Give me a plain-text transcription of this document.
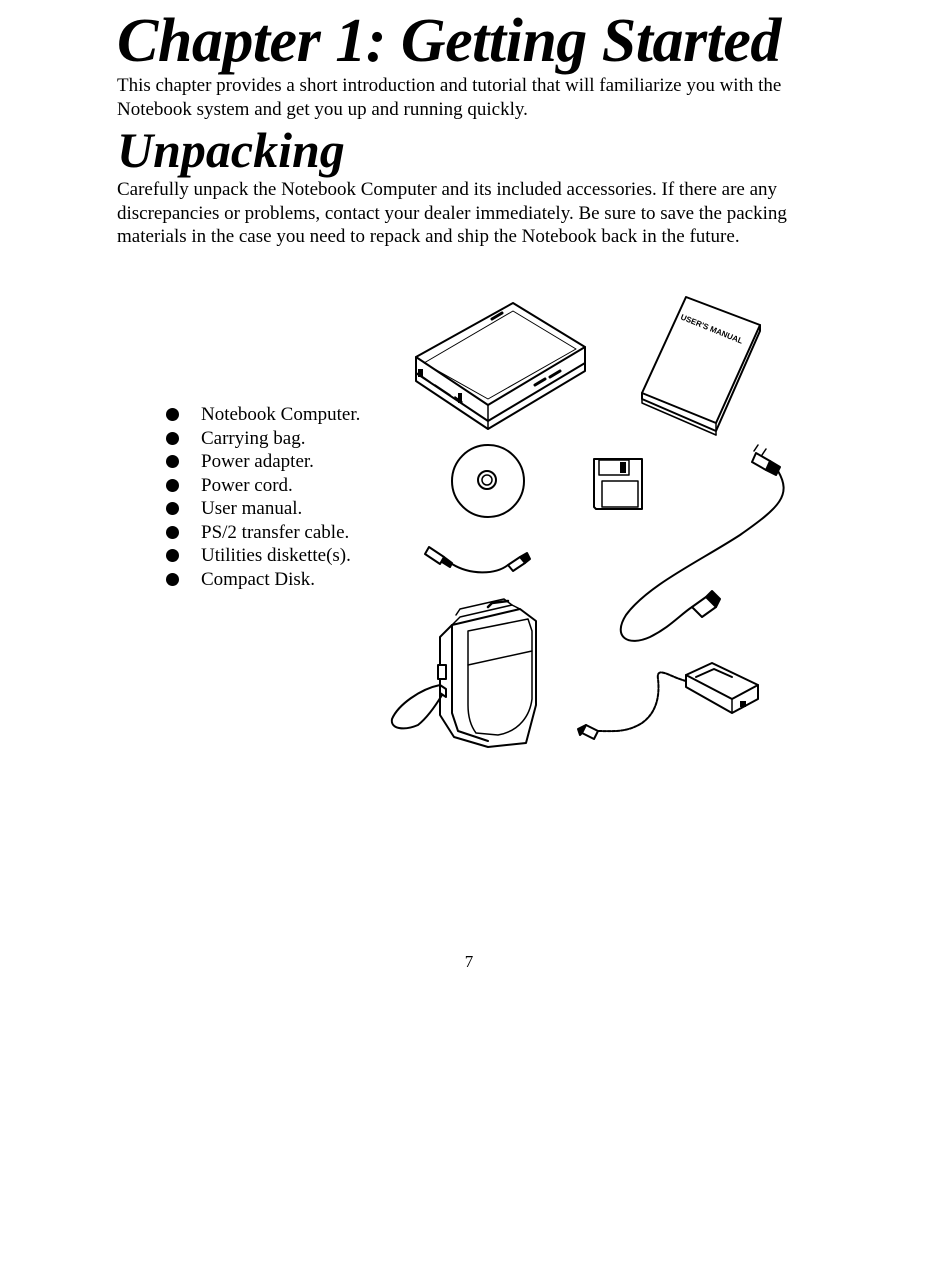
Chapter 1: Getting Started

This chapter provides a short introduction and tutorial that will familiarize you with the Notebook system and get you up and running quickly.

Unpacking

Carefully unpack the Notebook Computer and its included accessories. If there are any discrepancies or problems, contact your dealer immediately. Be sure to save the packing materials in the case you need to repack and ship the Notebook back in the future.

Notebook Computer.
Carrying bag.
Power adapter.
Power cord.
User manual.
PS/2 transfer cable.
Utilities diskette(s).
Compact Disk.
USER'S MANUAL
7
